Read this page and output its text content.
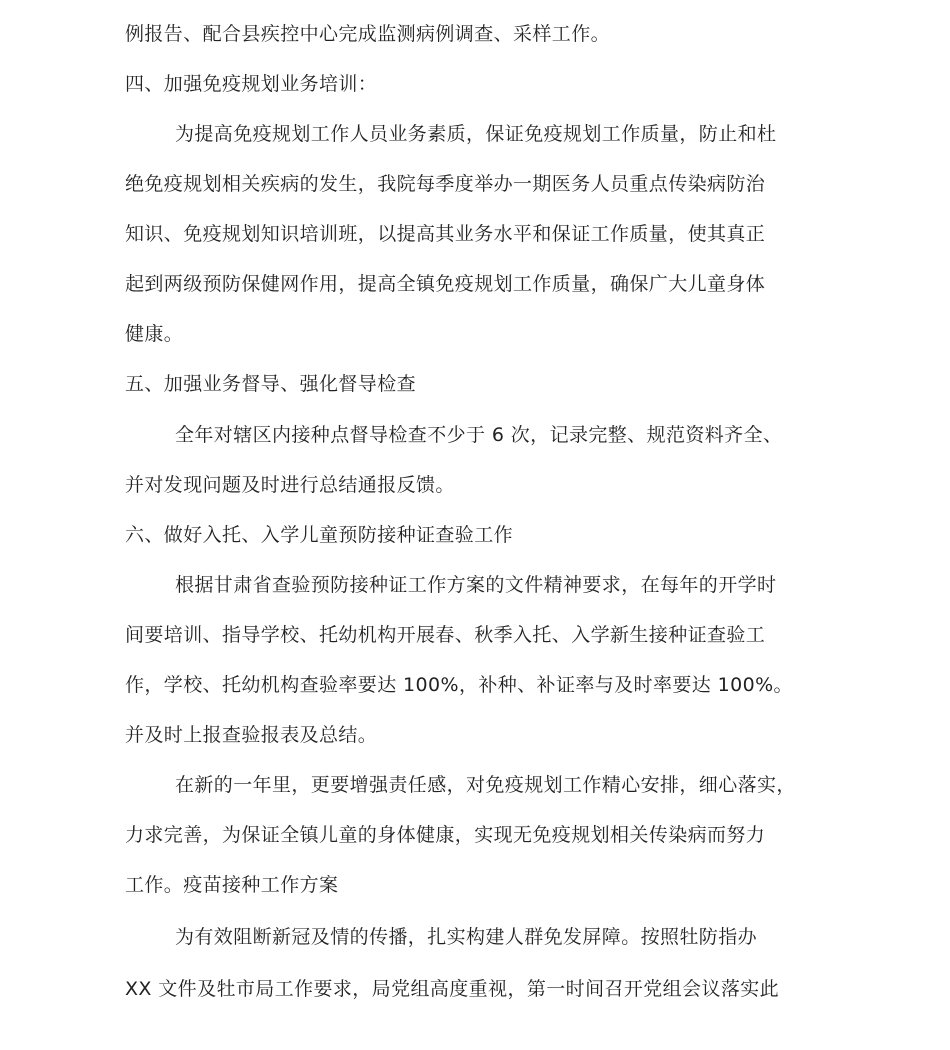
例报告、配合县疾控中心完成监测病例调查、采样工作。
四、加强免疫规划业务培训：
为提高免疫规划工作人员业务素质，保证免疫规划工作质量，防止和杜
绝免疫规划相关疾病的发生，我院每季度举办一期医务人员重点传染病防治
知识、免疫规划知识培训班，以提高其业务水平和保证工作质量，使其真正
起到两级预防保健网作用，提高全镇免疫规划工作质量，确保广大儿童身体
健康。
五、加强业务督导、强化督导检查
全年对辖区内接种点督导检查不少于 6 次，记录完整、规范资料齐全、
并对发现问题及时进行总结通报反馈。
六、做好入托、入学儿童预防接种证查验工作
根据甘肃省查验预防接种证工作方案的文件精神要求，在每年的开学时
间要培训、指导学校、托幼机构开展春、秋季入托、入学新生接种证查验工
作，学校、托幼机构查验率要达 100%，补种、补证率与及时率要达 100%。
并及时上报查验报表及总结。
在新的一年里，更要增强责任感，对免疫规划工作精心安排，细心落实，
力求完善，为保证全镇儿童的身体健康，实现无免疫规划相关传染病而努力
工作。疫苗接种工作方案
为有效阻断新冠及情的传播，扎实构建人群免发屏障。按照牡防指办
XX 文件及牡市局工作要求，局党组高度重视，第一时间召开党组会议落实此
